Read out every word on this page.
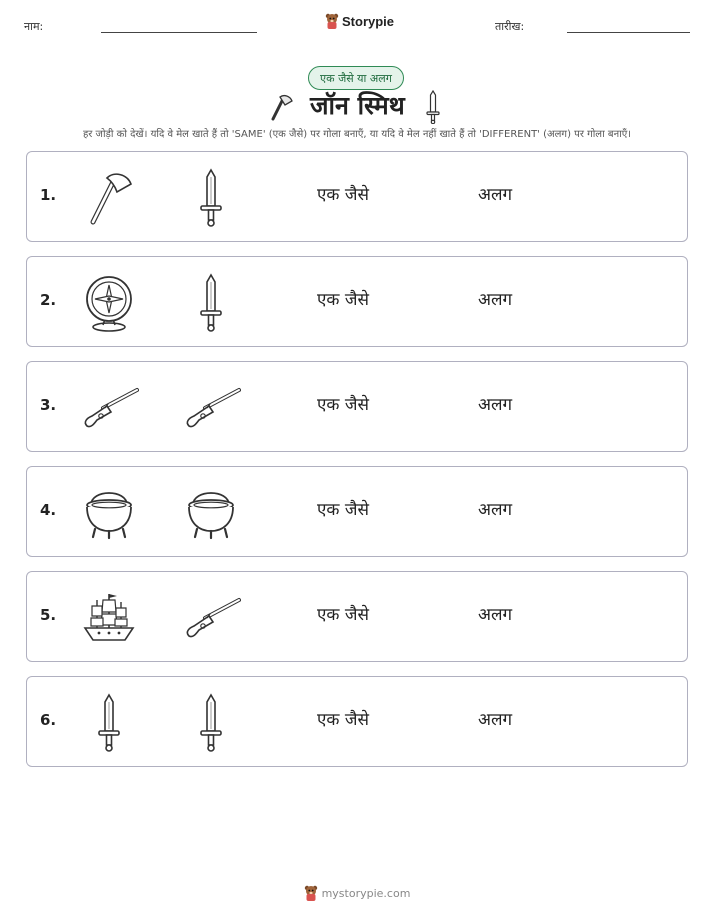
नाम:	Storypie	तारीख:
एक जैसे या अलग
जॉन स्मिथ
हर जोड़ी को देखें। यदि वे मेल खाते हैं तो 'SAME' (एक जैसे) पर गोला बनाएँ, या यदि वे मेल नहीं खाते हैं तो 'DIFFERENT' (अलग) पर गोला बनाएँ।
1.	एक जैसे	अलग
2.	एक जैसे	अलग
3.	एक जैसे	अलग
4.	एक जैसे	अलग
5.	एक जैसे	अलग
6.	एक जैसे	अलग
mystorypie.com
